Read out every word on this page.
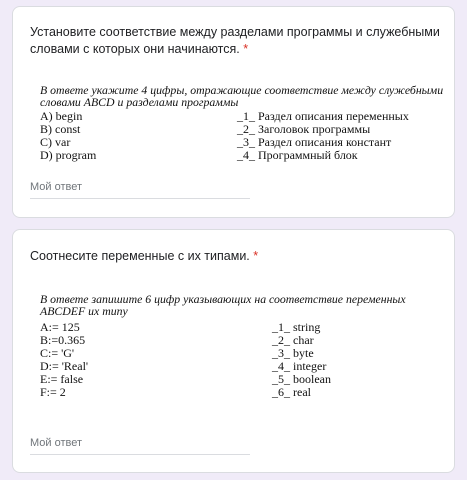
Установите соответствие между разделами программы и служебными словами с которых они начинаются. *
В ответе укажите 4 цифры, отражающие соответствие между служебными
словами ABCD и разделами программы
A) begin	_1_ Раздел описания переменных
B) const	_2_ Заголовок программы
C) var	_3_ Раздел описания констант
D) program	_4_ Программный блок
Мой ответ
Соотнесите переменные с их типами. *
В ответе запишите 6 цифр указывающих на соответствие переменных
ABCDEF их типу
A:= 125	_1_ string
B:=0.365	_2_ char
C:= 'G'	_3_ byte
D:= 'Real'	_4_ integer
E:= false	_5_ boolean
F:= 2	_6_ real
Мой ответ
